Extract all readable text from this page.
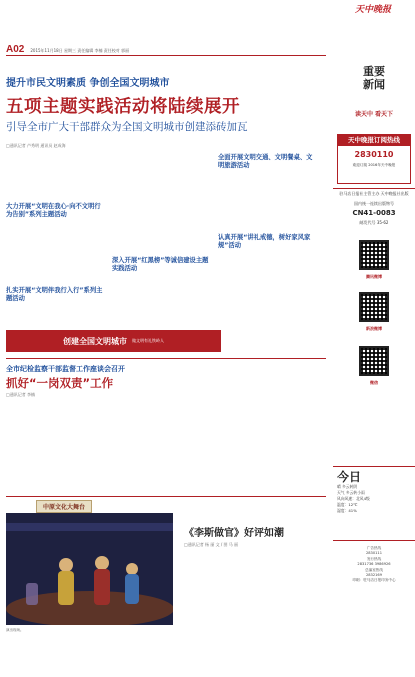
A02 2015年11月18日 星期三 责任编辑 李楠 责任校对 郭丽
提升市民文明素质 争创全国文明城市
五项主题实践活动将陆续展开
引导全市广大干部群众为全国文明城市创建添砖加瓦
□通讯记者 卢秀明 通讯员 赵成海
大力开展“文明在我心·向不文明行为告别”系列主题活动
扎实开展“文明伴我行入行”系列主题活动
深入开展“红黑榜”等诚信建设主题实践活动
全面开展文明交通、文明餐桌、文明旅游活动
认真开展“讲礼戒德，树好家风家规”活动
创建全国文明城市 做文明有礼铁岭人
全市纪检监察干部监督工作座谈会召开
抓好“一岗双责”工作
□通讯记者 李楠
中原文化大舞台
演出现场。
《李斯做官》好评如潮
□通讯记者 杨 丽 文 / 图 马 丽
天中晚报
重要
新闻
读天中 看天下
天中晚报订阅热线
2830110
欢迎订阅 2016年天中晚报
驻马店日报社主管主办 天中晚报社出版
国内统一连续出版物号
CN41-0083
邮发代号 35-62
腾讯微博
新浪微博
微信
今日
晴 多云转阴
天气 多云转小雨
风向风速：北风4级
温度：12℃
湿度：41%
广告热线
2830111
发行热线
2831736 3986926
总编室热线
2832169
印刷：驻马店日报印务中心
